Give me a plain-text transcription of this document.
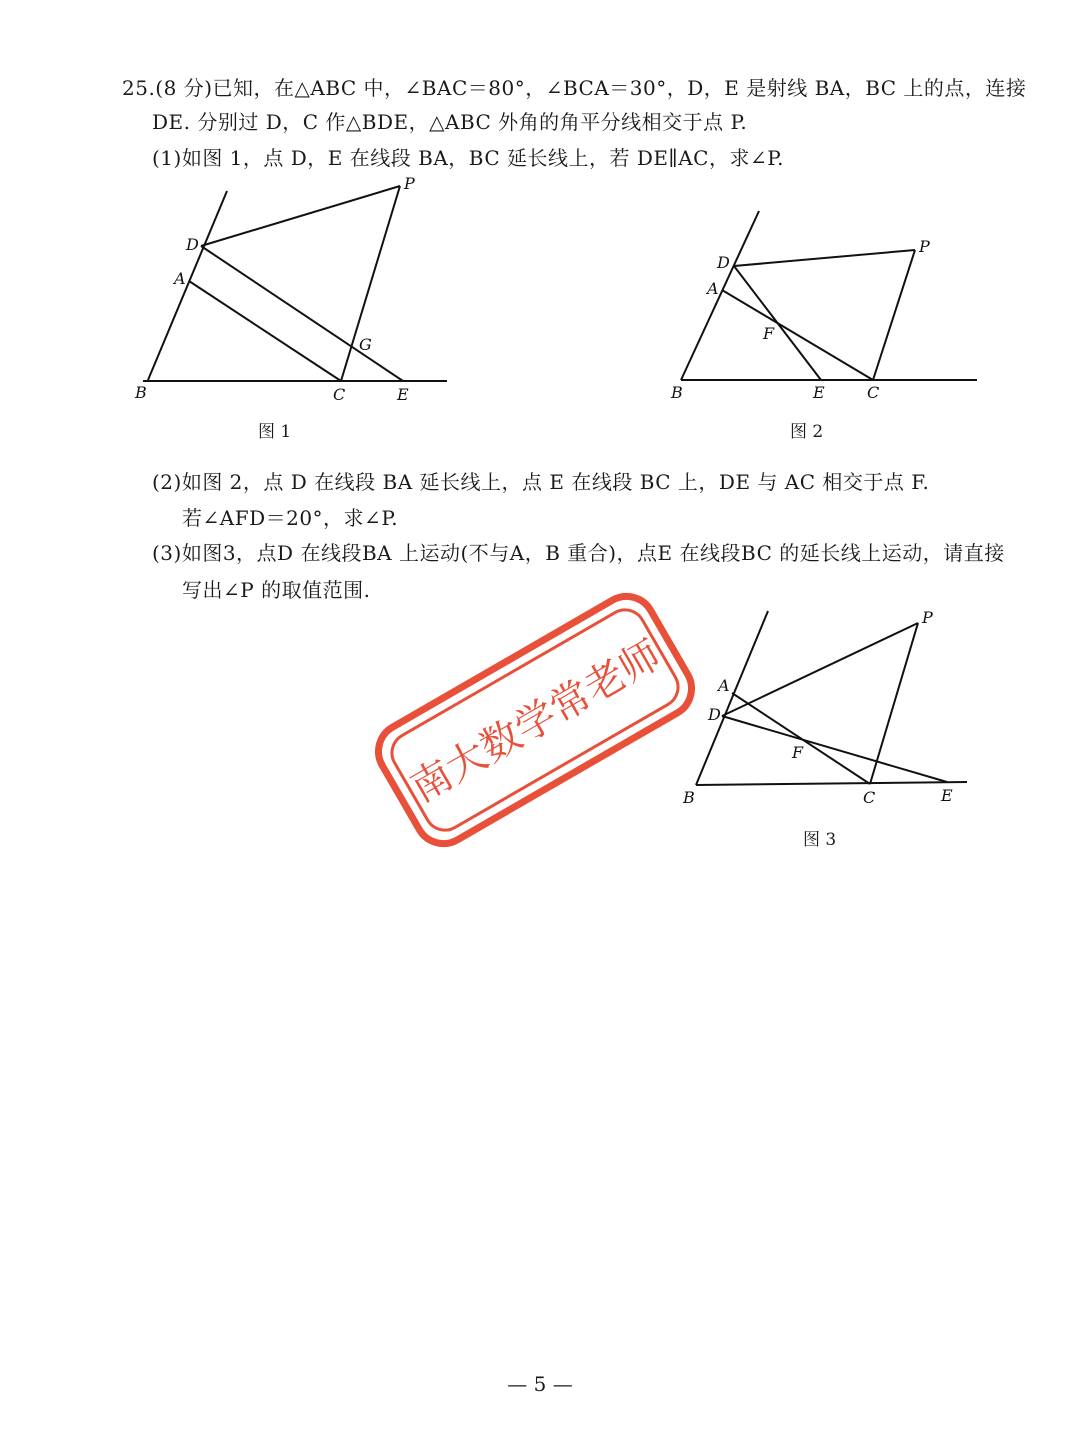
25.(8 分)已知，在△ABC 中，∠BAC＝80°，∠BCA＝30°，D，E 是射线 BA，BC 上的点，连接
DE. 分别过 D，C 作△BDE，△ABC 外角的角平分线相交于点 P.
(1)如图 1，点 D，E 在线段 BA，BC 延长线上，若 DE∥AC，求∠P.
P
D
A
G
B	C	E
图 1
D
P
A
F
B	E	C
图 2
(2)如图 2，点 D 在线段 BA 延长线上，点 E 在线段 BC 上，DE 与 AC 相交于点 F.
若∠AFD＝20°，求∠P.
(3)如图3，点D 在线段BA 上运动(不与A，B 重合)，点E 在线段BC 的延长线上运动，请直接
写出∠P 的取值范围.
P
A
D
F
B	C	E
图 3
南大数学常老师
— 5 —
